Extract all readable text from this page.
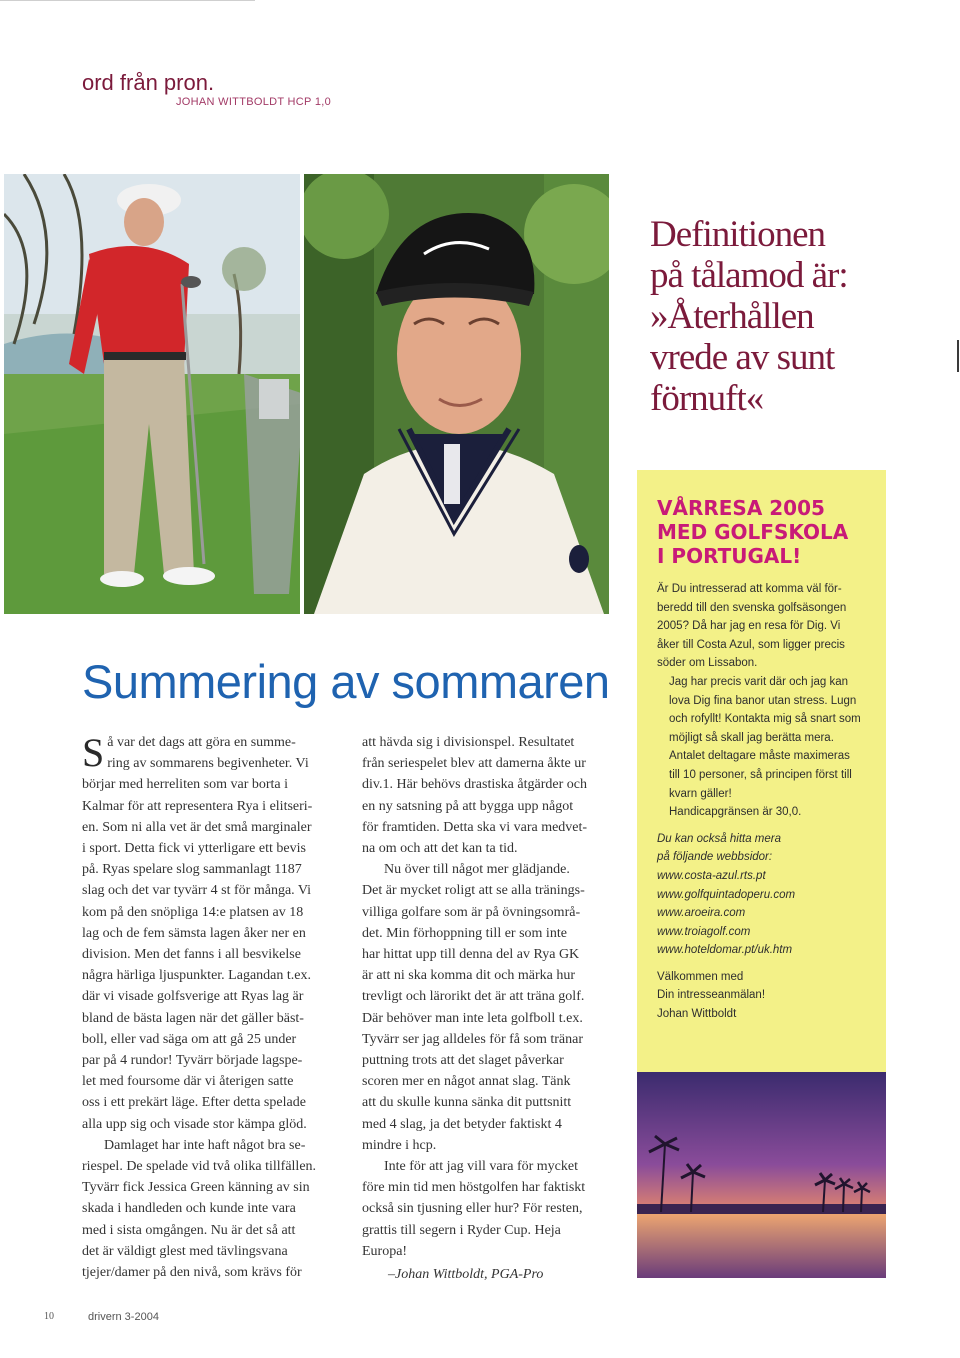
ord från pron.
JOHAN WITTBOLDT HCP 1,0
Definitionen
på tålamod är:
»Återhållen
vrede av sunt
förnuft«
Summering av sommaren

S å var det dags att göra en summe-
ring av sommarens begivenheter. Vi
börjar med herreliten som var borta i
Kalmar för att representera Rya i elitseri-
en. Som ni alla vet är det små marginaler
i sport. Detta fick vi ytterligare ett bevis
på. Ryas spelare slog sammanlagt 1187
slag och det var tyvärr 4 st för många. Vi
kom på den snöpliga 14:e platsen av 18
lag och de fem sämsta lagen åker ner en
division. Men det fanns i all besvikelse
några härliga ljuspunkter. Lagandan t.ex.
där vi visade golfsverige att Ryas lag är
bland de bästa lagen när det gäller bäst-
boll, eller vad säga om att gå 25 under
par på 4 rundor! Tyvärr började lagspe-
let med foursome där vi återigen satte
oss i ett prekärt läge. Efter detta spelade
alla upp sig och visade stor kämpa glöd.

Damlaget har inte haft något bra se-
riespel. De spelade vid två olika tillfällen.
Tyvärr fick Jessica Green känning av sin
skada i handleden och kunde inte vara
med i sista omgången. Nu är det så att
det är väldigt glest med tävlingsvana
tjejer/damer på den nivå, som krävs för

att hävda sig i divisionspel. Resultatet
från seriespelet blev att damerna åkte ur
div.1. Här behövs drastiska åtgärder och
en ny satsning på att bygga upp något
för framtiden. Detta ska vi vara medvet-
na om och att det kan ta tid.

Nu över till något mer glädjande.
Det är mycket roligt att se alla tränings-
villiga golfare som är på övningsområ-
det. Min förhoppning till er som inte
har hittat upp till denna del av Rya GK
är att ni ska komma dit och märka hur
trevligt och lärorikt det är att träna golf.
Där behöver man inte leta golfboll t.ex.
Tyvärr ser jag alldeles för få som tränar
puttning trots att det slaget påverkar
scoren mer en något annat slag. Tänk
att du skulle kunna sänka dit puttsnitt
med 4 slag, ja det betyder faktiskt 4
mindre i hcp.

Inte för att jag vill vara för mycket
före min tid men höstgolfen har faktiskt
också sin tjusning eller hur? För resten,
grattis till segern i Ryder Cup. Heja
Europa!

–Johan Wittboldt, PGA-Pro
VÅRRESA 2005
MED GOLFSKOLA
I PORTUGAL!
Är Du intresserad att komma väl för-
beredd till den svenska golfsäsongen
2005? Då har jag en resa för Dig. Vi
åker till Costa Azul, som ligger precis
söder om Lissabon.
Jag har precis varit där och jag kan
lova Dig fina banor utan stress. Lugn
och rofyllt! Kontakta mig så snart som
möjligt så skall jag berätta mera.
Antalet deltagare måste maximeras
till 10 personer, så principen först till
kvarn gäller!
Handicapgränsen är 30,0.
Du kan också hitta mera
på följande webbsidor:
www.costa-azul.rts.pt
www.golfquintadoperu.com
www.aroeira.com
www.troiagolf.com
www.hoteldomar.pt/uk.htm
Välkommen med
Din intresseanmälan!
Johan Wittboldt
10	drivern 3-2004
